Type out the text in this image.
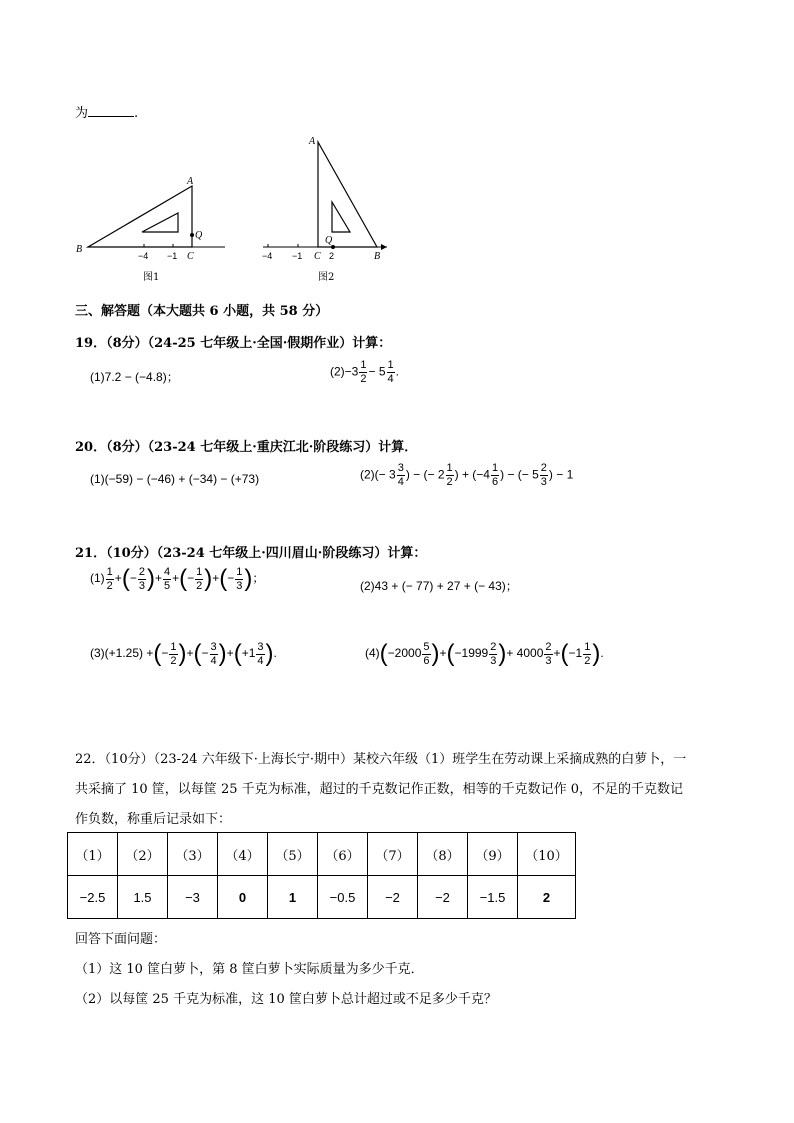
为	.
A
B
C
Q
−4 −1
图1
A
B
C
Q
−4 −1	2
图2
三、解答题（本大题共 6 小题，共 58 分）
19．（8分）（24-25 七年级上·全国·假期作业）计算：
(1)7.2 − (−4.8)；	$(2)-3 \frac{1}{2} - 5 \frac{1}{4}$ .
20．（8分）（23-24 七年级上·重庆江北·阶段练习）计算．
(1)(−59) − (−46) + (−34) − (+73)	$(2)(- 3 \frac{3}{4}$ ) − (− $2 \frac{1}{2}$ ) + ($-4 \frac{1}{6}$ ) − (− $5 \frac{2}{3}$ ) − 1
21．（10分）（23-24 七年级上·四川眉山·阶段练习）计算：
$(1) \frac{1}{2}$ +(− $\frac{2}{3}$ )+ $\frac{4}{5}$ +(− $\frac{1}{2}$ )+(− $\frac{1}{3}$ )；
(2)43 + (− 77) + 27 + (− 43)；
(3)(+1.25) +(− $\frac{1}{2}$ )+(− $\frac{3}{4} )+(+1 \frac{3}{4}$ ).	$(4)(-2000 \frac{5}{6} )+(-1999 \frac{2}{3}$ )+ $4000 \frac{2}{3} +(-1 \frac{1}{2}$ ).
22．（10分）（23-24 六年级下·上海长宁·期中）某校六年级（1）班学生在劳动课上采摘成熟的白萝卜，一
共采摘了 10 筐，以每筐 25 千克为标准，超过的千克数记作正数，相等的千克数记作 0，不足的千克数记
作负数，称重后记录如下：
（1）	（2）	（3）	（4）	（5）	（6）	（7）	（8）	（9）	（10）
−2.5	1.5	−3	0	1	−0.5	−2	−2	−1.5	2
回答下面问题：
（1）这 10 筐白萝卜，第 8 筐白萝卜实际质量为多少千克．
（2）以每筐 25 千克为标准，这 10 筐白萝卜总计超过或不足多少千克？
